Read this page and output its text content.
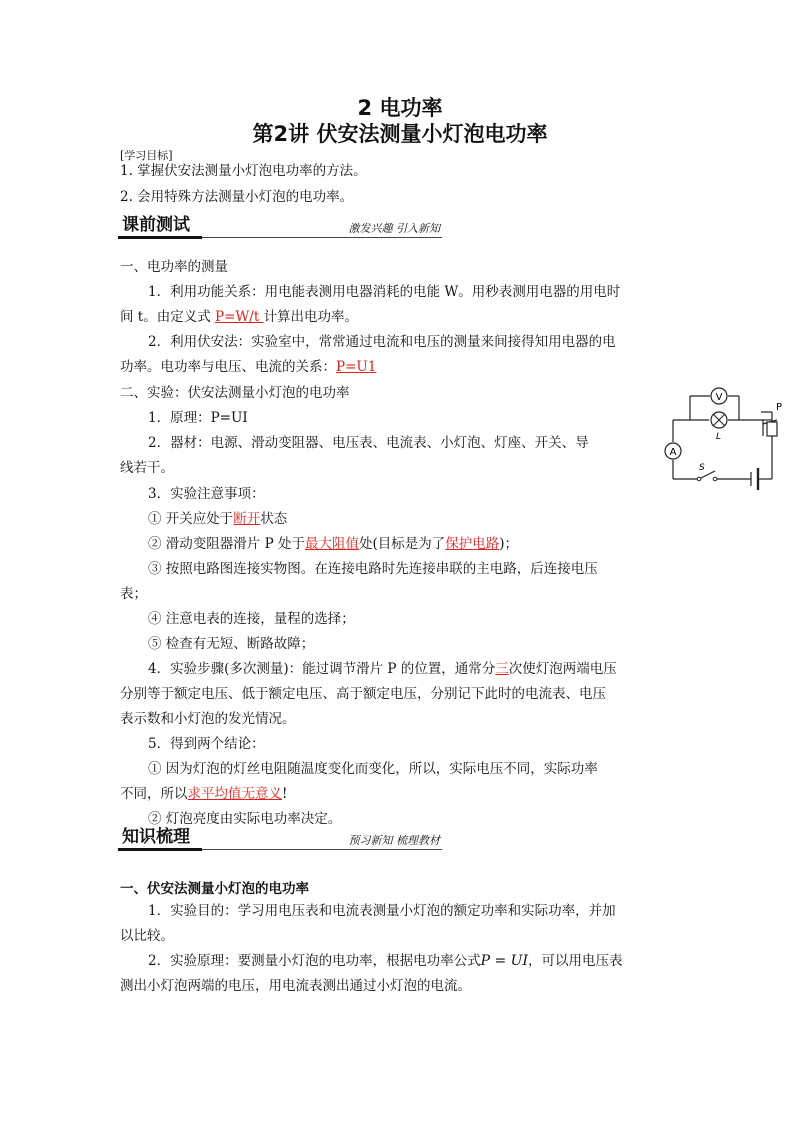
2 电功率
第2讲 伏安法测量小灯泡电功率
[学习目标]
1. 掌握伏安法测量小灯泡电功率的方法。
2. 会用特殊方法测量小灯泡的电功率。
课前测试	激发兴趣 引入新知
一、电功率的测量
1．利用功能关系：用电能表测用电器消耗的电能 W。用秒表测用电器的用电时
间 t。由定义式 P=W/t 计算出电功率。
2．利用伏安法：实验室中，常常通过电流和电压的测量来间接得知用电器的电
功率。电功率与电压、电流的关系：P=U1
二、实验：伏安法测量小灯泡的电功率
1．原理：P=UI
2．器材：电源、滑动变阻器、电压表、电流表、小灯泡、灯座、开关、导
线若干。
3．实验注意事项：
① 开关应处于断开状态
② 滑动变阻器滑片 P 处于最大阻值处(目标是为了保护电路)；
③ 按照电路图连接实物图。在连接电路时先连接串联的主电路，后连接电压
表；
④ 注意电表的连接，量程的选择；
⑤ 检查有无短、断路故障；
4．实验步骤(多次测量)：能过调节滑片 P 的位置，通常分三次使灯泡两端电压
分别等于额定电压、低于额定电压、高于额定电压，分别记下此时的电流表、电压
表示数和小灯泡的发光情况。
5．得到两个结论：
① 因为灯泡的灯丝电阻随温度变化而变化，所以，实际电压不同，实际功率
不同，所以求平均值无意义!
② 灯泡亮度由实际电功率决定。
V
A
L
P
S
知识梳理	预习新知 梳理教材
一、伏安法测量小灯泡的电功率
1．实验目的：学习用电压表和电流表测量小灯泡的额定功率和实际功率，并加
以比较。
2．实验原理：要测量小灯泡的电功率，根据电功率公式P = UI，可以用电压表
测出小灯泡两端的电压，用电流表测出通过小灯泡的电流。
